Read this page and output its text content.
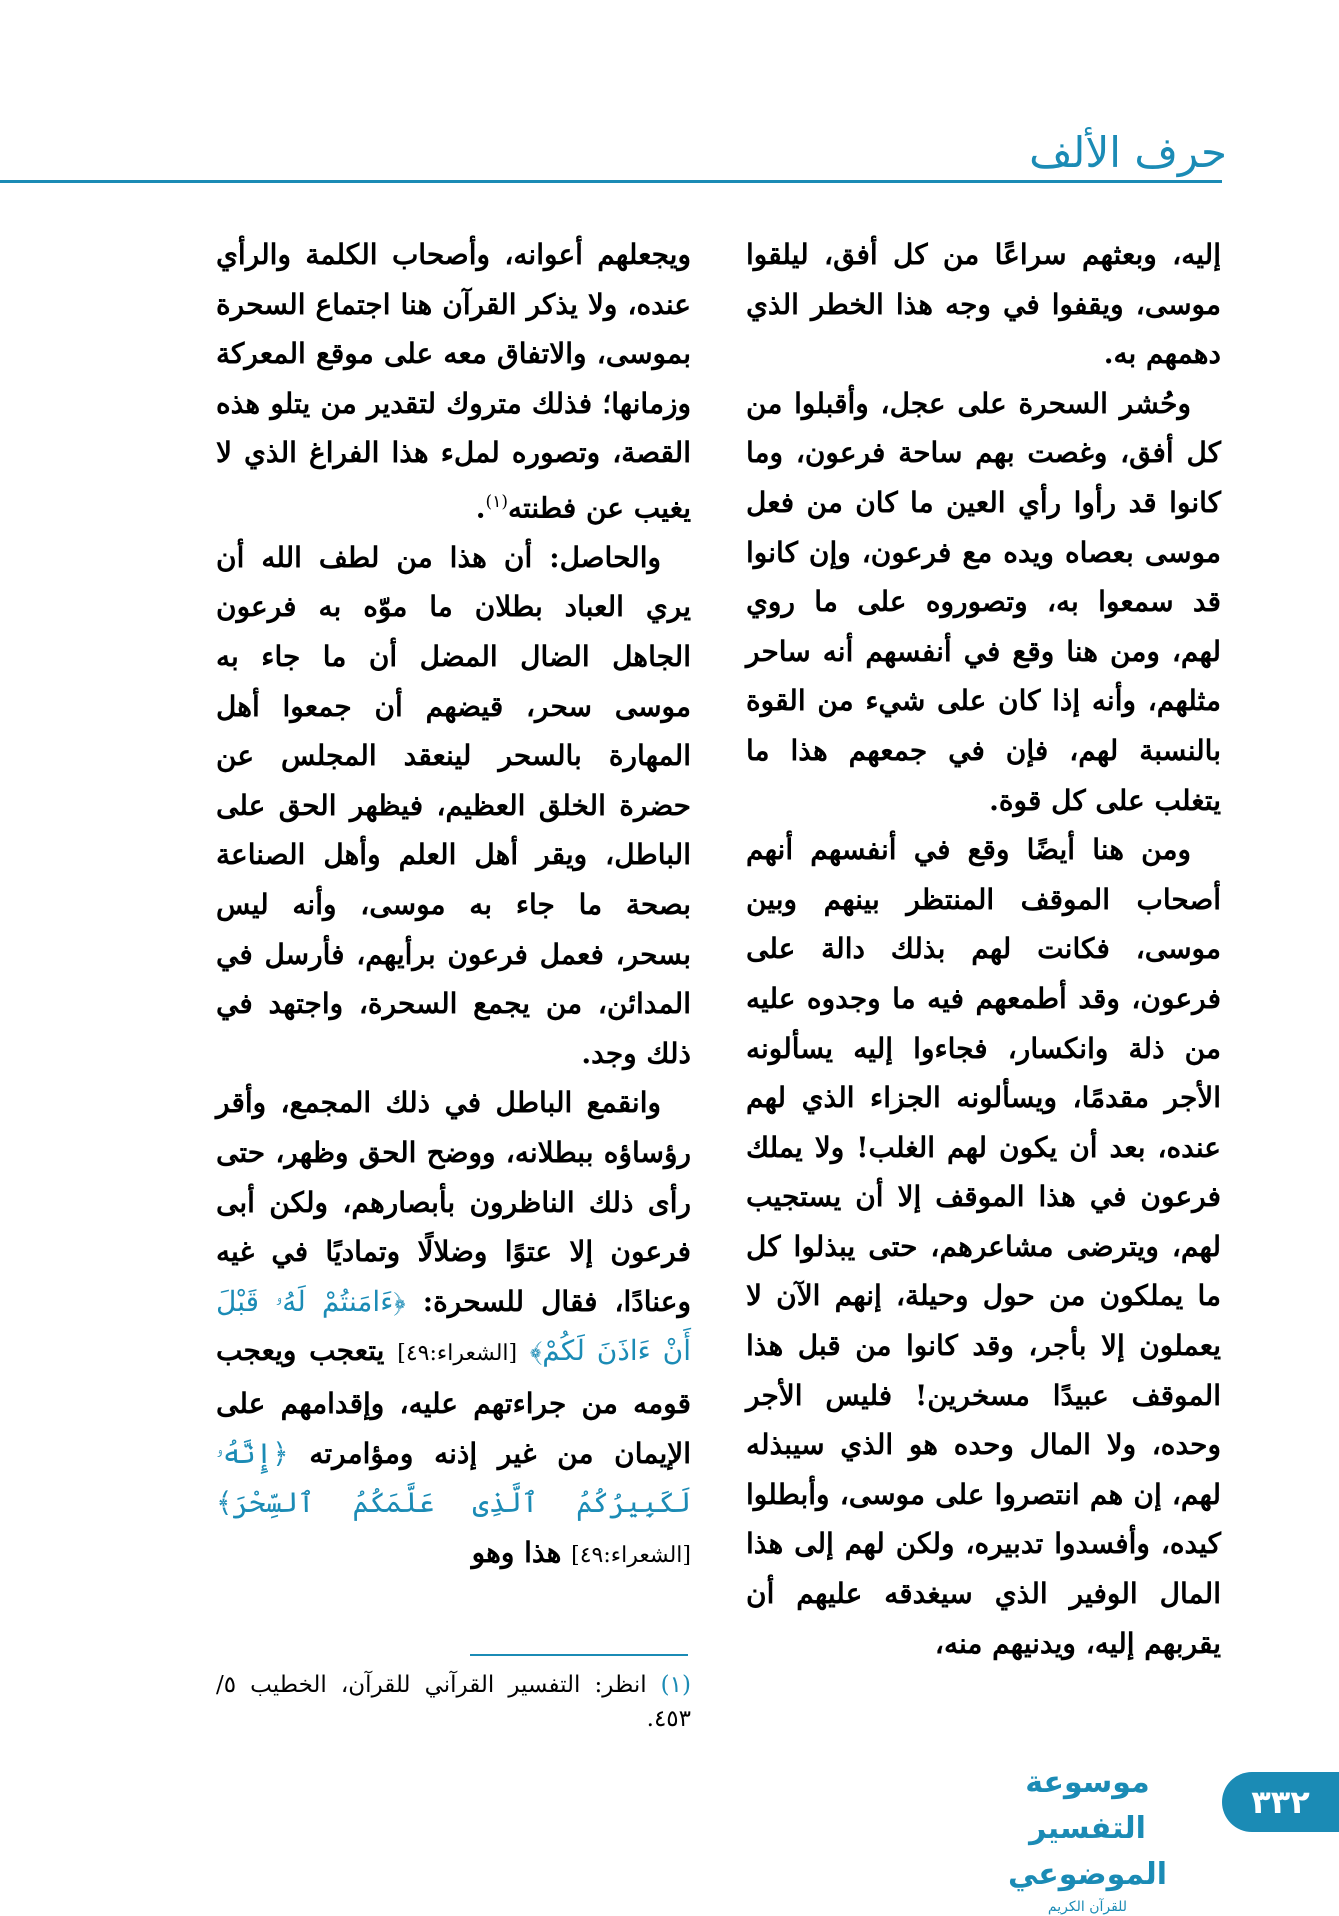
حرف الألف

إليه، وبعثهم سراعًا من كل أفق، ليلقوا موسى، ويقفوا في وجه هذا الخطر الذي دهمهم به.

وحُشر السحرة على عجل، وأقبلوا من كل أفق، وغصت بهم ساحة فرعون، وما كانوا قد رأوا رأي العين ما كان من فعل موسى بعصاه ويده مع فرعون، وإن كانوا قد سمعوا به، وتصوروه على ما روي لهم، ومن هنا وقع في أنفسهم أنه ساحر مثلهم، وأنه إذا كان على شيء من القوة بالنسبة لهم، فإن في جمعهم هذا ما يتغلب على كل قوة.

ومن هنا أيضًا وقع في أنفسهم أنهم أصحاب الموقف المنتظر بينهم وبين موسى، فكانت لهم بذلك دالة على فرعون، وقد أطمعهم فيه ما وجدوه عليه من ذلة وانكسار، فجاءوا إليه يسألونه الأجر مقدمًا، ويسألونه الجزاء الذي لهم عنده، بعد أن يكون لهم الغلب! ولا يملك فرعون في هذا الموقف إلا أن يستجيب لهم، ويترضى مشاعرهم، حتى يبذلوا كل ما يملكون من حول وحيلة، إنهم الآن لا يعملون إلا بأجر، وقد كانوا من قبل هذا الموقف عبيدًا مسخرين! فليس الأجر وحده، ولا المال وحده هو الذي سيبذله لهم، إن هم انتصروا على موسى، وأبطلوا كيده، وأفسدوا تدبيره، ولكن لهم إلى هذا المال الوفير الذي سيغدقه عليهم أن يقربهم إليه، ويدنيهم منه،

ويجعلهم أعوانه، وأصحاب الكلمة والرأي عنده، ولا يذكر القرآن هنا اجتماع السحرة بموسى، والاتفاق معه على موقع المعركة وزمانها؛ فذلك متروك لتقدير من يتلو هذه القصة، وتصوره لملء هذا الفراغ الذي لا يغيب عن فطنته$^{(١)}$.

والحاصل: أن هذا من لطف الله أن يري العباد بطلان ما موّه به فرعون الجاهل الضال المضل أن ما جاء به موسى سحر، قيضهم أن جمعوا أهل المهارة بالسحر لينعقد المجلس عن حضرة الخلق العظيم، فيظهر الحق على الباطل، ويقر أهل العلم وأهل الصناعة بصحة ما جاء به موسى، وأنه ليس بسحر، فعمل فرعون برأيهم، فأرسل في المدائن، من يجمع السحرة، واجتهد في ذلك وجد.

وانقمع الباطل في ذلك المجمع، وأقر رؤساؤه ببطلانه، ووضح الحق وظهر، حتى رأى ذلك الناظرون بأبصارهم، ولكن أبى فرعون إلا عتوًا وضلالًا وتماديًا في غيه وعنادًا، فقال للسحرة: ﴿ءَامَنتُمْ لَهُۥ قَبْلَ أَنْ ءَاذَنَ لَكُمْ﴾ [الشعراء:٤٩] يتعجب ويعجب قومه من جراءتهم عليه، وإقدامهم على الإيمان من غير إذنه ومؤامرته ﴿إِنَّهُۥ لَكَبِيرُكُمُ ٱلَّذِى عَلَّمَكُمُ ٱلسِّحْرَ﴾ [الشعراء:٤٩] هذا وهو

(١) انظر: التفسير القرآني للقرآن، الخطيب ٥/ ٤٥٣.
موسوعة التفسير الموضوعي
للقرآن الكريم
٣٣٢
